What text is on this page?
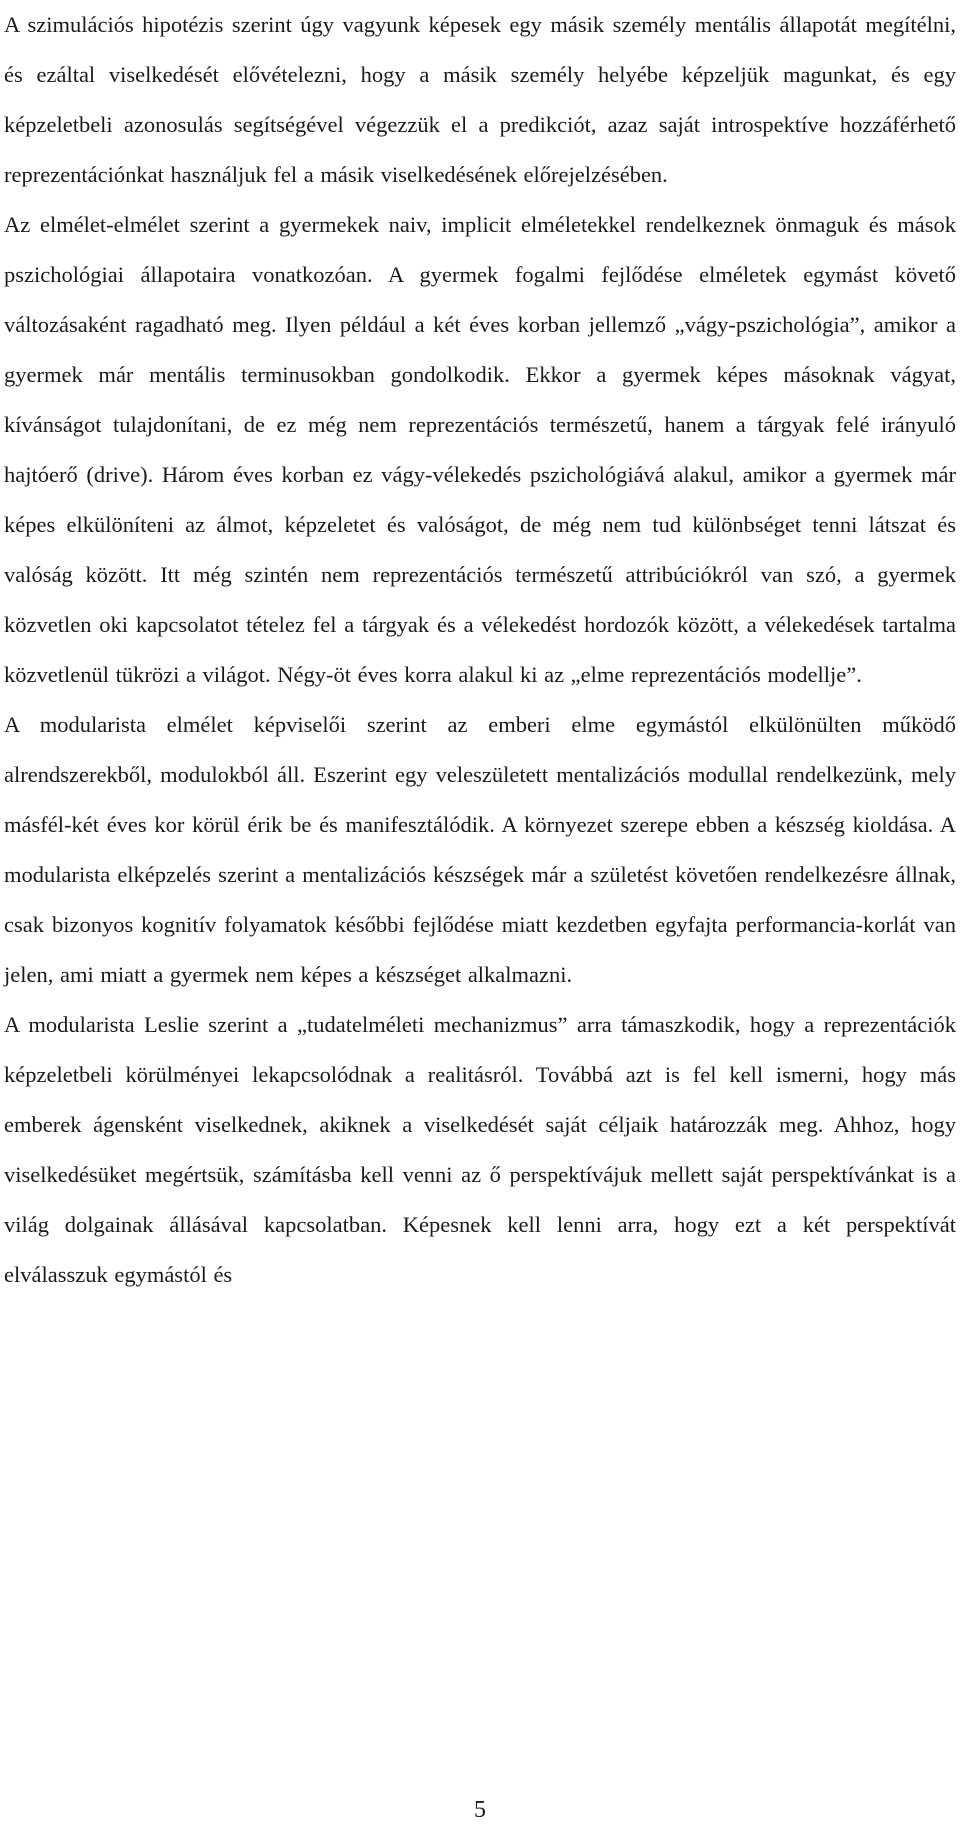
A szimulációs hipotézis szerint úgy vagyunk képesek egy másik személy mentális állapotát megítélni, és ezáltal viselkedését elővételezni, hogy a másik személy helyébe képzeljük magunkat, és egy képzeletbeli azonosulás segítségével végezzük el a predikciót, azaz saját introspektíve hozzáférhető reprezentációnkat használjuk fel a másik viselkedésének előrejelzésében.

Az elmélet-elmélet szerint a gyermekek naiv, implicit elméletekkel rendelkeznek önmaguk és mások pszichológiai állapotaira vonatkozóan. A gyermek fogalmi fejlődése elméletek egymást követő változásaként ragadható meg. Ilyen például a két éves korban jellemző „vágy-pszichológia”, amikor a gyermek már mentális terminusokban gondolkodik. Ekkor a gyermek képes másoknak vágyat, kívánságot tulajdonítani, de ez még nem reprezentációs természetű, hanem a tárgyak felé irányuló hajtóerő (drive). Három éves korban ez vágy-vélekedés pszichológiává alakul, amikor a gyermek már képes elkülöníteni az álmot, képzeletet és valóságot, de még nem tud különbséget tenni látszat és valóság között. Itt még szintén nem reprezentációs természetű attribúciókról van szó, a gyermek közvetlen oki kapcsolatot tételez fel a tárgyak és a vélekedést hordozók között, a vélekedések tartalma közvetlenül tükrözi a világot. Négy-öt éves korra alakul ki az „elme reprezentációs modellje”.

A modularista elmélet képviselői szerint az emberi elme egymástól elkülönülten működő alrendszerekből, modulokból áll. Eszerint egy veleszületett mentalizációs modullal rendelkezünk, mely másfél-két éves kor körül érik be és manifesztálódik. A környezet szerepe ebben a készség kioldása. A modularista elképzelés szerint a mentalizációs készségek már a születést követően rendelkezésre állnak, csak bizonyos kognitív folyamatok későbbi fejlődése miatt kezdetben egyfajta performancia-korlát van jelen, ami miatt a gyermek nem képes a készséget alkalmazni.

A modularista Leslie szerint a „tudatelméleti mechanizmus” arra támaszkodik, hogy a reprezentációk képzeletbeli körülményei lekapcsolódnak a realitásról. Továbbá azt is fel kell ismerni, hogy más emberek ágensként viselkednek, akiknek a viselkedését saját céljaik határozzák meg. Ahhoz, hogy viselkedésüket megértsük, számításba kell venni az ő perspektívájuk mellett saját perspektívánkat is a világ dolgainak állásával kapcsolatban. Képesnek kell lenni arra, hogy ezt a két perspektívát elválasszuk egymástól és

5
